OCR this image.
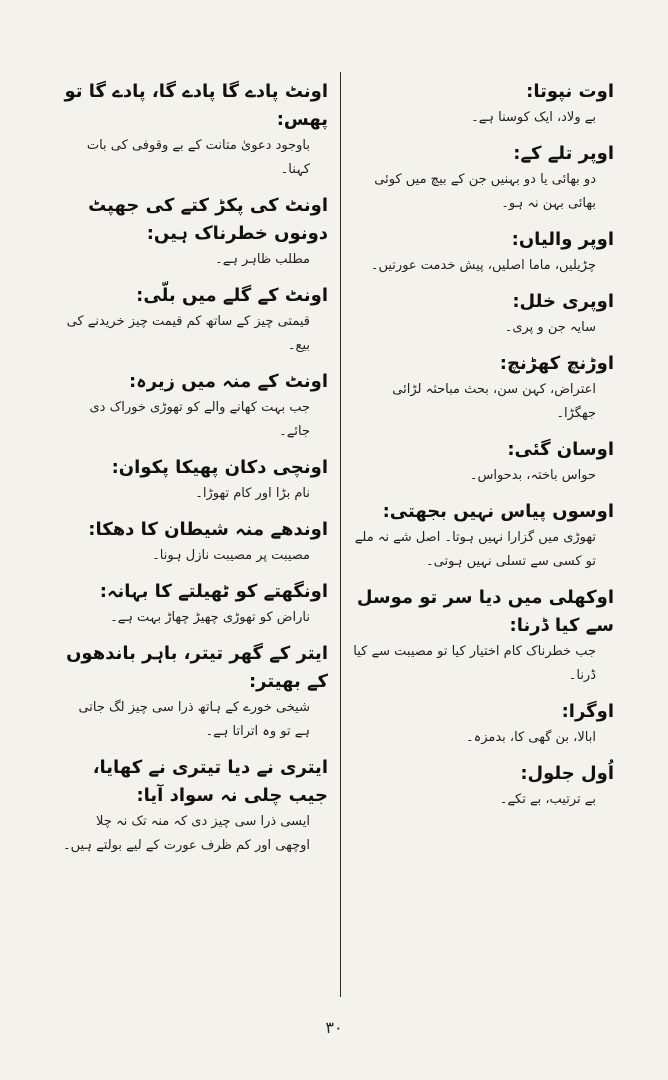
اوت نپوتا:

بے ولاد، ایک کوسنا ہے۔

اوپر تلے کے:

دو بھائی یا دو بہنیں جن کے بیچ میں کوئی بھائی بہن نہ ہو۔

اوپر والیاں:

چڑیلیں، ماما اصلیں، پیش خدمت عورتیں۔

اوپری خلل:

سایہ جن و پری۔

اوڑنچ کھڑنچ:

اعتراض، کہن سن، بحث مباحثہ لڑائی جھگڑا۔

اوسان گئی:

حواس باختہ، بدحواس۔

اوسوں پیاس نہیں بجھتی:

تھوڑی میں گزارا نہیں ہوتا۔ اصل شے نہ ملے تو کسی سے تسلی نہیں ہوتی۔

اوکھلی میں دیا سر تو موسل سے کیا ڈرنا:

جب خطرناک کام اختیار کیا تو مصیبت سے کیا ڈرنا۔

اوگرا:

ابالا، بن گھی کا، بدمزہ۔

اُول جلول:

بے ترتیب، بے تکے۔

اونٹ پادے گا پادے گا، پادے گا تو پھس:

باوجود دعویٰ متانت کے بے وقوفی کی بات کہنا۔

اونٹ کی پکڑ کتے کی جھپٹ دونوں خطرناک ہیں:

مطلب ظاہر ہے۔

اونٹ کے گلے میں بلّی:

قیمتی چیز کے ساتھ کم قیمت چیز خریدنے کی بیع۔

اونٹ کے منہ میں زیرہ:

جب بہت کھانے والے کو تھوڑی خوراک دی جائے۔

اونچی دکان پھیکا پکوان:

نام بڑا اور کام تھوڑا۔

اوندھے منہ شیطان کا دھکا:

مصیبت پر مصیبت نازل ہونا۔

اونگھتے کو ٹھیلتے کا بہانہ:

ناراض کو تھوڑی چھیڑ چھاڑ بہت ہے۔

ایتر کے گھر تیتر، باہر باندھوں کے بھیتر:

شیخی خورے کے ہاتھ ذرا سی چیز لگ جاتی ہے تو وہ اتراتا ہے۔

ایتری نے دیا تیتری نے کھایا، جیب چلی نہ سواد آیا:

ایسی ذرا سی چیز دی کہ منہ تک نہ چلا اوچھی اور کم ظرف عورت کے لیے بولتے ہیں۔

۳۰
